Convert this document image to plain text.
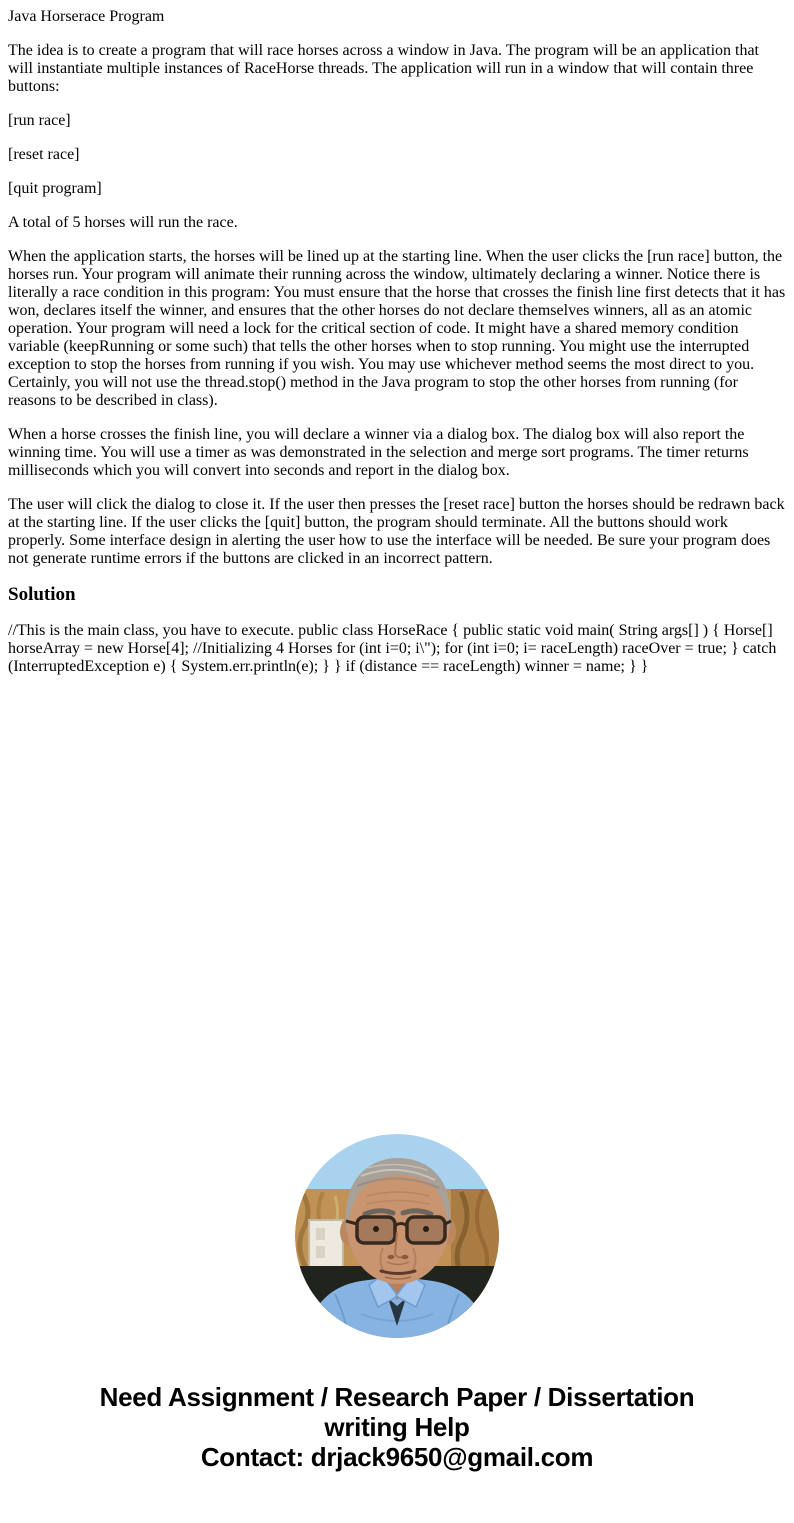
Java Horserace Program

The idea is to create a program that will race horses across a window in Java. The program will be an application that will instantiate multiple instances of RaceHorse threads. The application will run in a window that will contain three buttons:

[run race]

[reset race]

[quit program]

A total of 5 horses will run the race.

When the application starts, the horses will be lined up at the starting line. When the user clicks the [run race] button, the horses run. Your program will animate their running across the window, ultimately declaring a winner. Notice there is literally a race condition in this program: You must ensure that the horse that crosses the finish line first detects that it has won, declares itself the winner, and ensures that the other horses do not declare themselves winners, all as an atomic operation. Your program will need a lock for the critical section of code. It might have a shared memory condition variable (keepRunning or some such) that tells the other horses when to stop running. You might use the interrupted exception to stop the horses from running if you wish. You may use whichever method seems the most direct to you. Certainly, you will not use the thread.stop() method in the Java program to stop the other horses from running (for reasons to be described in class).

When a horse crosses the finish line, you will declare a winner via a dialog box. The dialog box will also report the winning time. You will use a timer as was demonstrated in the selection and merge sort programs. The timer returns milliseconds which you will convert into seconds and report in the dialog box.

The user will click the dialog to close it. If the user then presses the [reset race] button the horses should be redrawn back at the starting line. If the user clicks the [quit] button, the program should terminate. All the buttons should work properly. Some interface design in alerting the user how to use the interface will be needed. Be sure your program does not generate runtime errors if the buttons are clicked in an incorrect pattern.

Solution

//This is the main class, you have to execute. public class HorseRace { public static void main( String args[] ) { Horse[] horseArray = new Horse[4]; //Initializing 4 Horses for (int i=0; i\"); for (int i=0; i= raceLength) raceOver = true; } catch (InterruptedException e) { System.err.println(e); } } if (distance == raceLength) winner = name; } }

Need Assignment / Research Paper / Dissertation
writing Help
Contact: drjack9650@gmail.com
